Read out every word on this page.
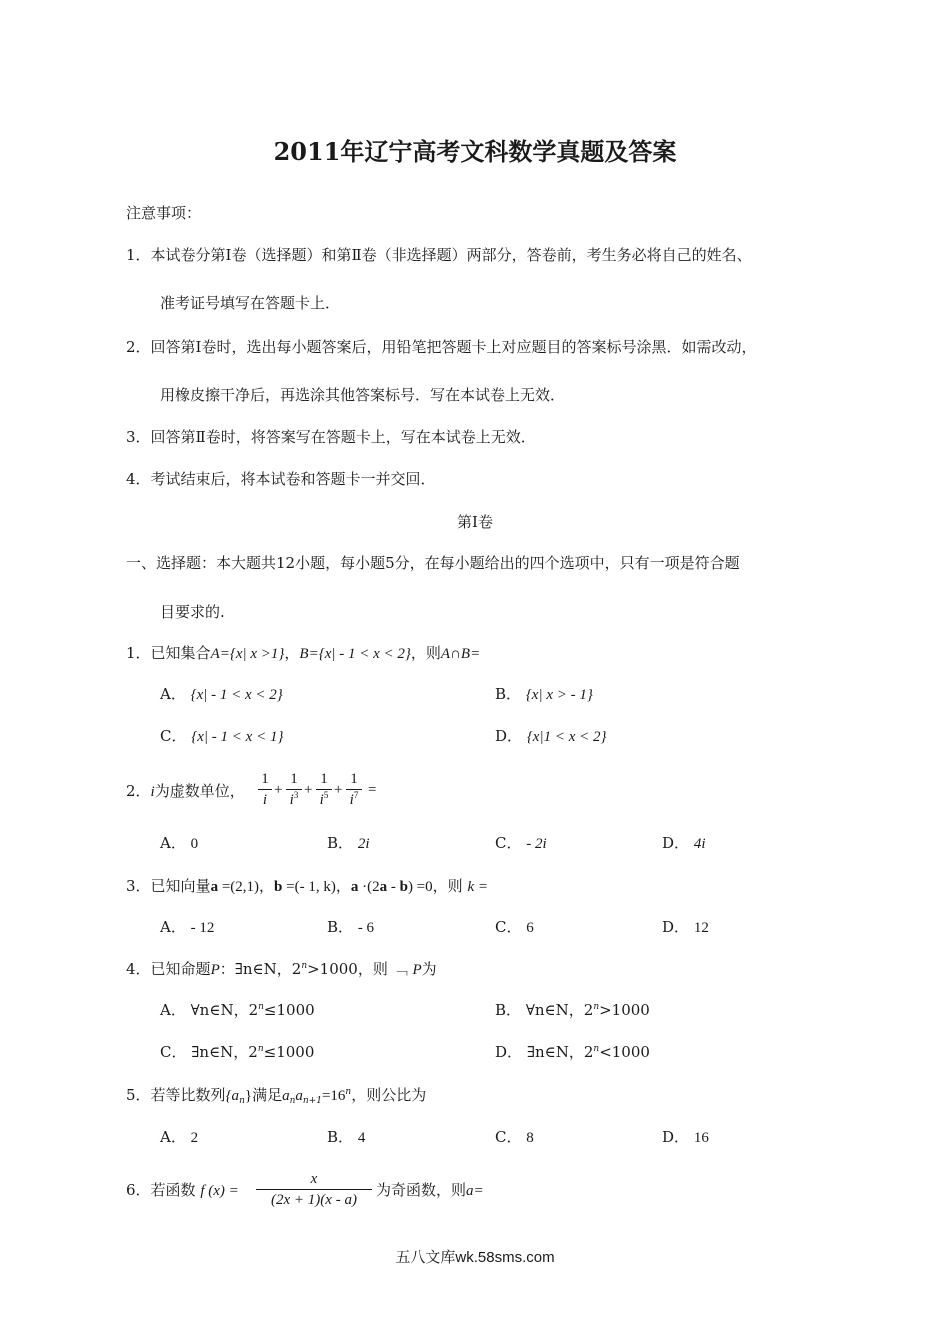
2011年辽宁高考文科数学真题及答案
注意事项：
1．本试卷分第Ⅰ卷（选择题）和第Ⅱ卷（非选择题）两部分，答卷前，考生务必将自己的姓名、
准考证号填写在答题卡上．
2．回答第Ⅰ卷时，选出每小题答案后，用铅笔把答题卡上对应题目的答案标号涂黑．如需改动，
用橡皮擦干净后，再选涂其他答案标号．写在本试卷上无效．
3．回答第Ⅱ卷时，将答案写在答题卡上，写在本试卷上无效．
4．考试结束后，将本试卷和答题卡一并交回．
第Ⅰ卷
一、选择题：本大题共12小题，每小题5分，在每小题给出的四个选项中，只有一项是符合题
目要求的.
1．已知集合A={x| x >1}，B={x| - 1 < x < 2}，则A∩B=
A． {x| - 1 < x < 2}	B． {x| x > - 1}
C． {x| - 1 < x < 1}	D． {x|1 < x < 2}
2．i为虚数单位，
1
i
+
1
$i^3$ +
1
$i^5$ +
1
$i^7$ =
A． 0	B． 2i	C． - 2i	D． 4i
3．已知向量a =(2,1)，b =(- 1, k)，a ·(2a - b) =0，则 k =
A． - 12	B． - 6	C． 6	D． 12
4．已知命题P：∃n∈N，$2^n>1000$，则 ﹁ P为
A． ∀n∈N，$2^n\le 1000$	B． ∀n∈N，$2^n>1000$
C． ∃n∈N，$2^n\le 1000$	D． ∃n∈N，$2^n<1000$
5．若等比数列$\{a_n\}$满足$a_na_{n+1}=16^n$，则公比为
A． 2	B． 4	C． 8	D． 16
6．若函数 f (x) =
x
(2x + 1)(x - a)
为奇函数，则a=
五八文库wk.58sms.com
